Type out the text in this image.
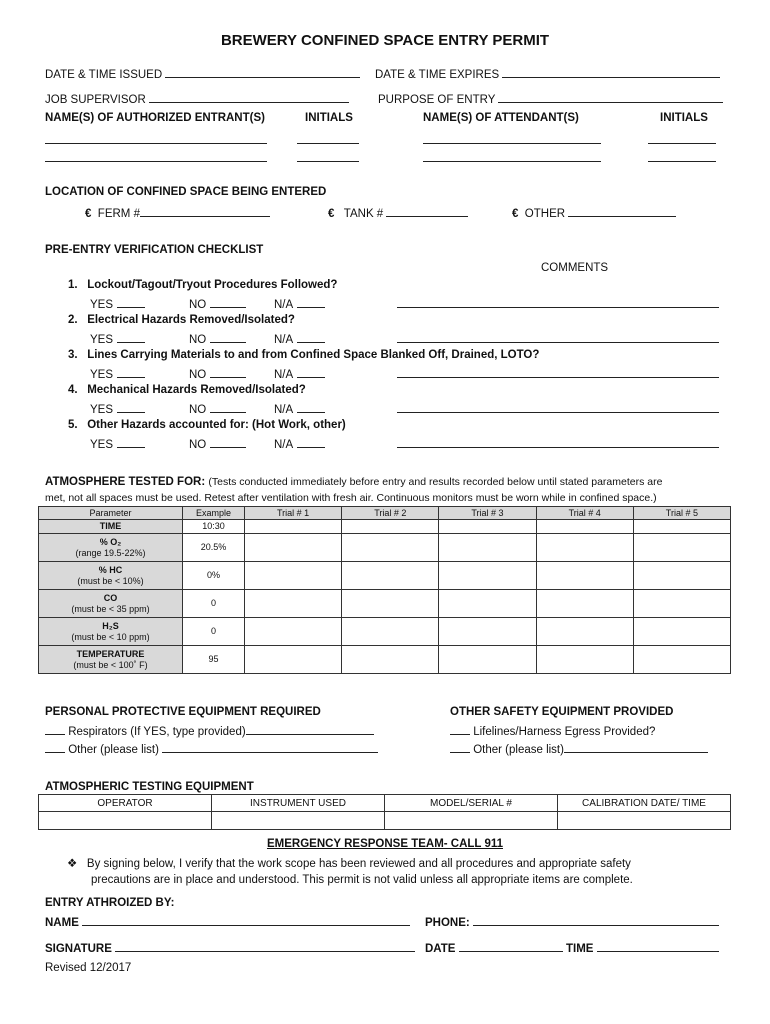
BREWERY CONFINED SPACE ENTRY PERMIT
DATE & TIME ISSUED	DATE & TIME EXPIRES
JOB SUPERVISOR	PURPOSE OF ENTRY
NAME(S) OF AUTHORIZED ENTRANT(S)	INITIALS	NAME(S) OF ATTENDANT(S)	INITIALS
LOCATION OF CONFINED SPACE BEING ENTERED
€ FERM #	€ TANK #	€ OTHER
PRE-ENTRY VERIFICATION CHECKLIST
COMMENTS
1. Lockout/Tagout/Tryout Procedures Followed?
YES	NO	N/A
2. Electrical Hazards Removed/Isolated?
YES	NO	N/A
3. Lines Carrying Materials to and from Confined Space Blanked Off, Drained, LOTO?
YES	NO	N/A
4. Mechanical Hazards Removed/Isolated?
YES	NO	N/A
5. Other Hazards accounted for: (Hot Work, other)
YES	NO	N/A
ATMOSPHERE TESTED FOR: (Tests conducted immediately before entry and results recorded below until stated parameters are
met, not all spaces must be used. Retest after ventilation with fresh air. Continuous monitors must be worn while in confined space.)
Parameter	Example	Trial # 1	Trial # 2	Trial # 3	Trial # 4	Trial # 5

TIME	10:30					

% O₂
(range 19.5-22%)	20.5%					

% HC
(must be < 10%)	0%					

CO
(must be < 35 ppm)	0					

H₂S
(must be < 10 ppm)	0					

TEMPERATURE
(must be < 100˚ F)	95					
PERSONAL PROTECTIVE EQUIPMENT REQUIRED
Respirators (If YES, type provided)
Other (please list)
OTHER SAFETY EQUIPMENT PROVIDED
Lifelines/Harness Egress Provided?
Other (please list)
ATMOSPHERIC TESTING EQUIPMENT
OPERATOR	INSTRUMENT USED	MODEL/SERIAL #	CALIBRATION DATE/ TIME

EMERGENCY RESPONSE TEAM- CALL 911
❖ By signing below, I verify that the work scope has been reviewed and all procedures and appropriate safety
precautions are in place and understood. This permit is not valid unless all appropriate items are complete.
ENTRY ATHROIZED BY:
NAME	PHONE:
SIGNATURE	DATE	TIME
Revised 12/2017
